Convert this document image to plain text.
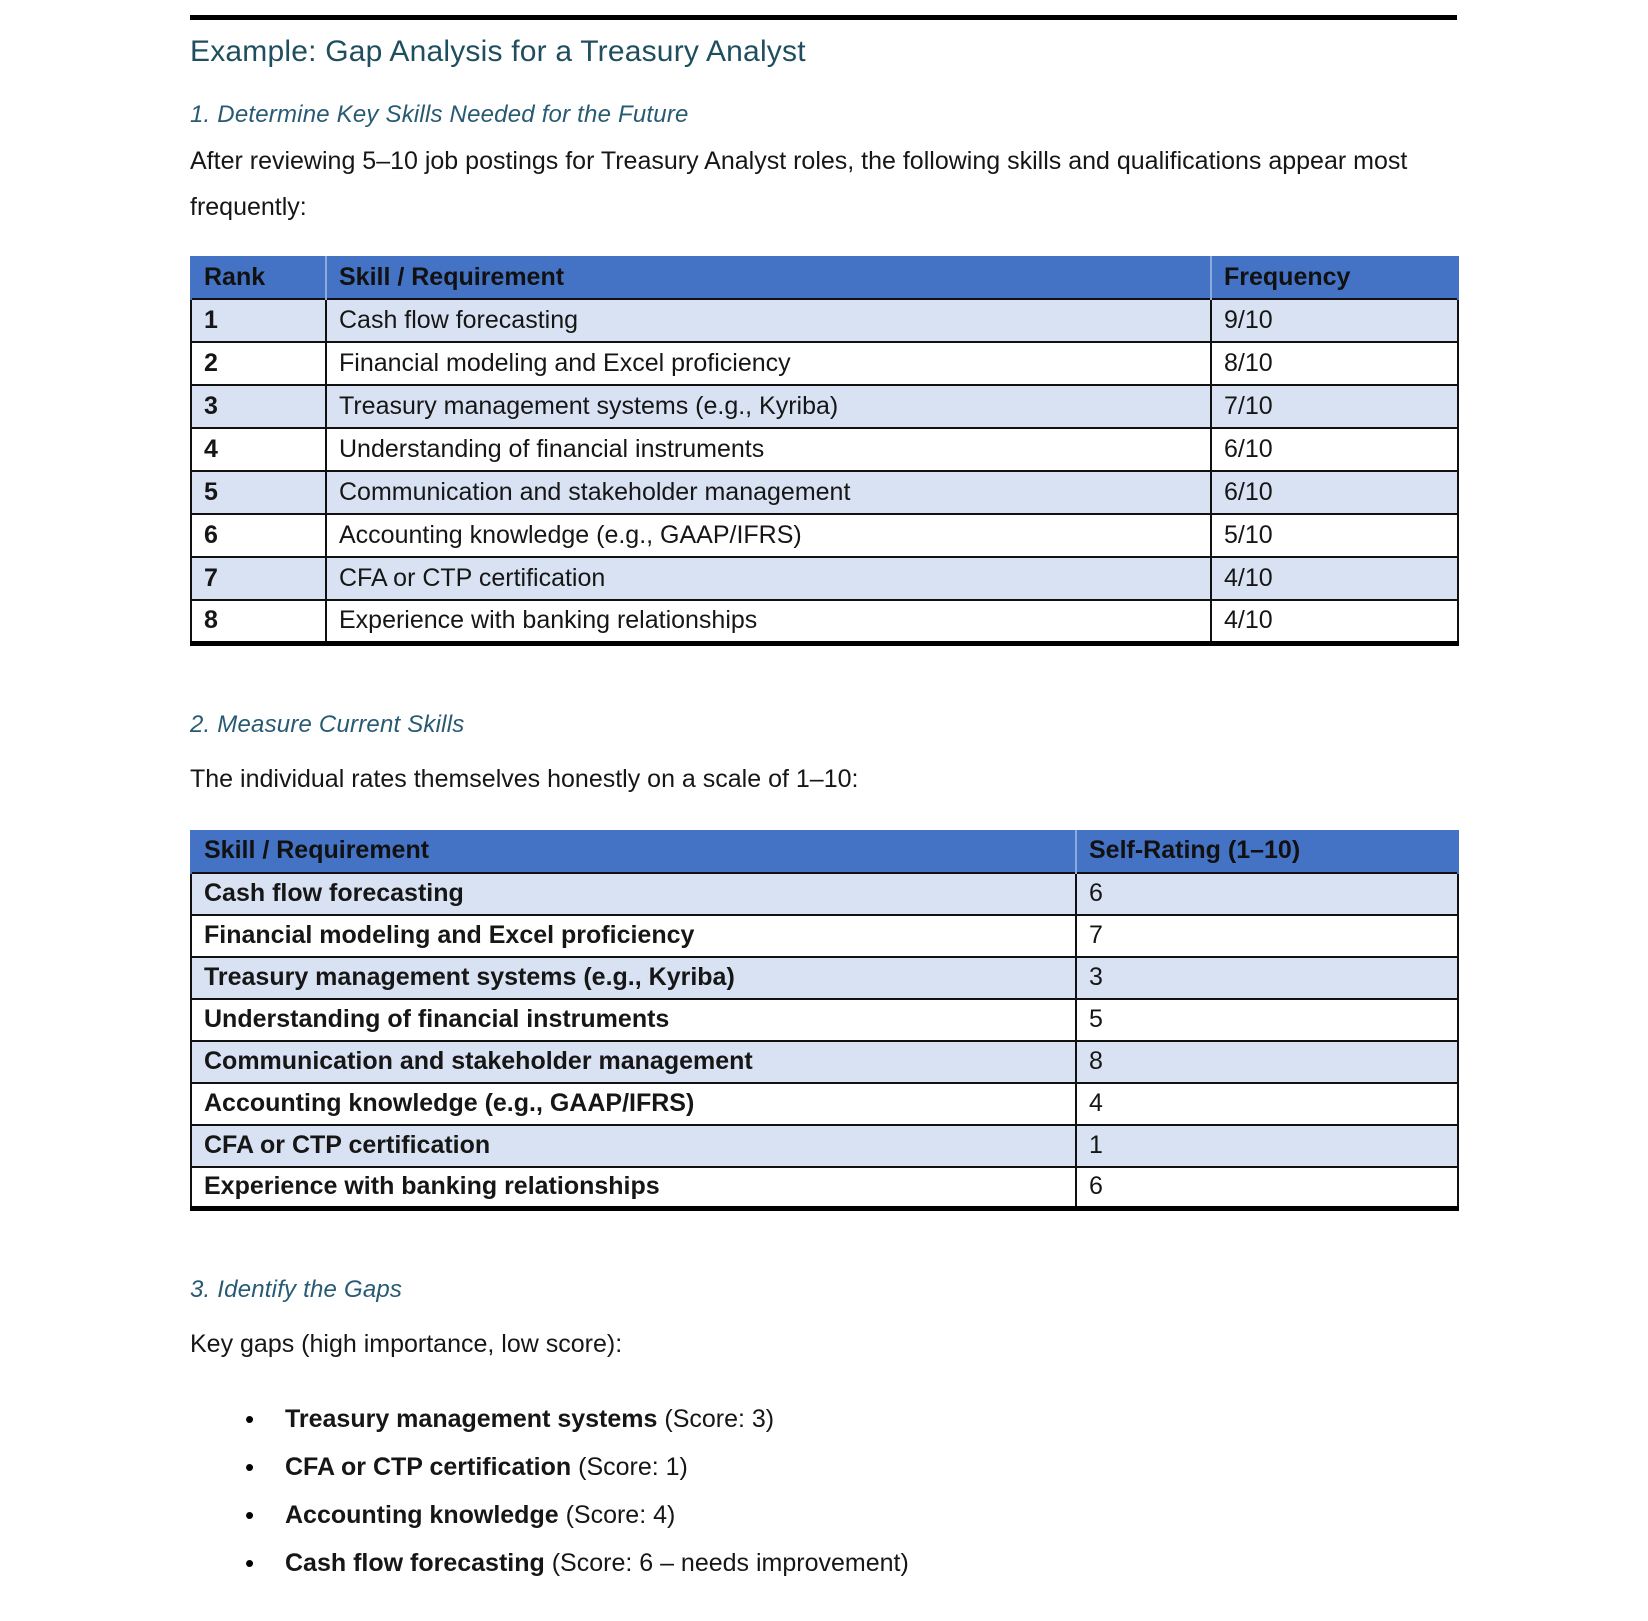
Example: Gap Analysis for a Treasury Analyst
1. Determine Key Skills Needed for the Future

After reviewing 5–10 job postings for Treasury Analyst roles, the following skills and qualifications appear most frequently:

Rank	Skill / Requirement	Frequency
1	Cash flow forecasting	9/10
2	Financial modeling and Excel proficiency	8/10
3	Treasury management systems (e.g., Kyriba)	7/10
4	Understanding of financial instruments	6/10
5	Communication and stakeholder management	6/10
6	Accounting knowledge (e.g., GAAP/IFRS)	5/10
7	CFA or CTP certification	4/10
8	Experience with banking relationships	4/10
2. Measure Current Skills

The individual rates themselves honestly on a scale of 1–10:

Skill / Requirement	Self-Rating (1–10)
Cash flow forecasting	6
Financial modeling and Excel proficiency	7
Treasury management systems (e.g., Kyriba)	3
Understanding of financial instruments	5
Communication and stakeholder management	8
Accounting knowledge (e.g., GAAP/IFRS)	4
CFA or CTP certification	1
Experience with banking relationships	6
3. Identify the Gaps

Key gaps (high importance, low score):

• Treasury management systems (Score: 3)
• CFA or CTP certification (Score: 1)
• Accounting knowledge (Score: 4)
• Cash flow forecasting (Score: 6 – needs improvement)
